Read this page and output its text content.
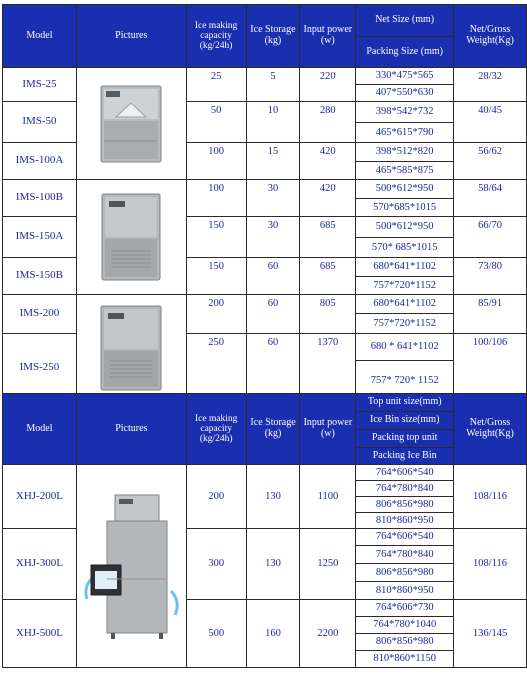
Model	Pictures	Ice making capacity (kg/24h)	Ice Storage (kg)	Input power (w)	Net Size (mm)	Net/Gross Weight(Kg)
					Packing Size (mm)	
IMS-25		25	5	220	330*475*565	28/32
					407*550*630	
IMS-50		50	10	280	398*542*732	40/45
					465*615*790	
IMS-100A		100	15	420	398*512*820	56/62
					465*585*875	
IMS-100B		100	30	420	500*612*950	58/64
					570*685*1015	
IMS-150A		150	30	685	500*612*950	66/70
					570* 685*1015	
IMS-150B		150	60	685	680*641*1102	73/80
					757*720*1152	
IMS-200		200	60	805	680*641*1102	85/91
					757*720*1152	
IMS-250		250	60	1370	680 * 641*1102	100/106
					757* 720* 1152	
Model	Pictures	Ice making capacity (kg/24h)	Ice Storage (kg)	Input power (w)	Top unit size(mm)	Net/Gross Weight(Kg)
					Ice Bin size(mm)	
					Packing top unit	
					Packing Ice Bin	
XHJ-200L		200	130	1100	764*606*540	108/116
					764*780*840	
					806*856*980	
					810*860*950	
XHJ-300L		300	130	1250	764*606*540	108/116
					764*780*840	
					806*856*980	
					810*860*950	
XHJ-500L		500	160	2200	764*606*730	136/145
					764*780*1040	
					806*856*980	
					810*860*1150	
